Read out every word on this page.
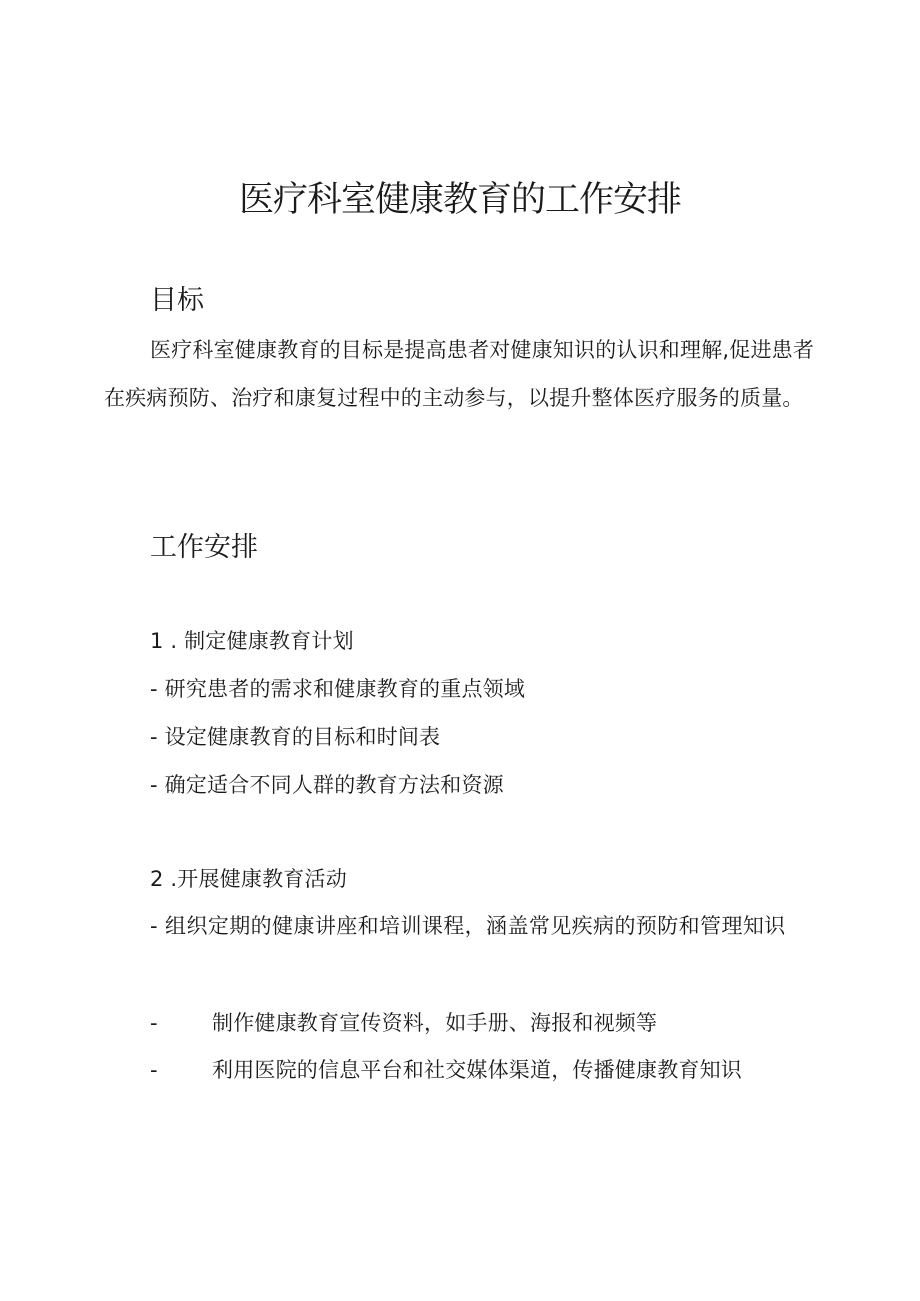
医疗科室健康教育的工作安排
目标

医疗科室健康教育的目标是提高患者对健康知识的认识和理解,促进患者在疾病预防、治疗和康复过程中的主动参与，以提升整体医疗服务的质量。

工作安排
1 . 制定健康教育计划
- 研究患者的需求和健康教育的重点领域
- 设定健康教育的目标和时间表
- 确定适合不同人群的教育方法和资源
2 .开展健康教育活动

- 组织定期的健康讲座和培训课程，涵盖常见疾病的预防和管理知识

-	制作健康教育宣传资料，如手册、海报和视频等
-	利用医院的信息平台和社交媒体渠道，传播健康教育知识
